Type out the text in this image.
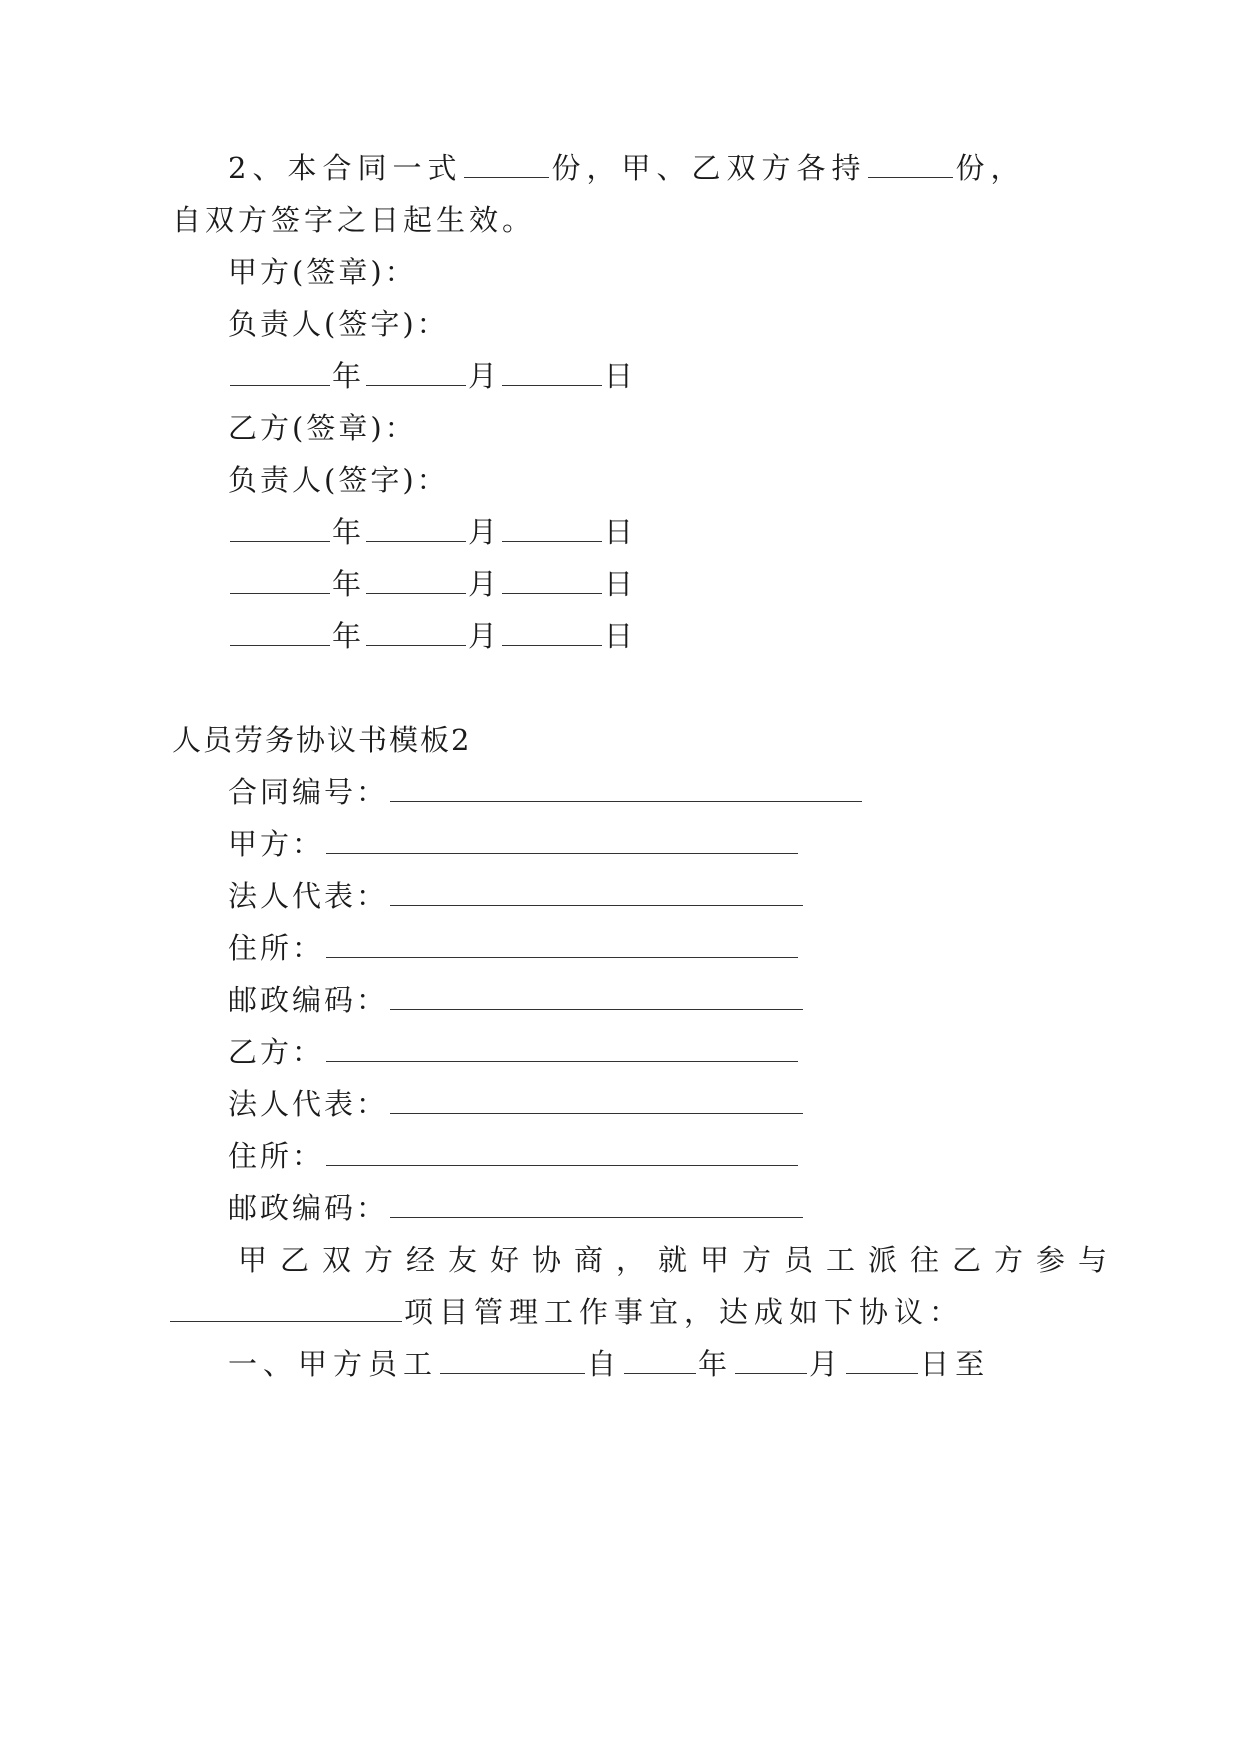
2、本合同一式	份，甲、乙双方各持	份，
自双方签字之日起生效。
甲方(签章)：
负责人(签字)：
年	月	日
乙方(签章)：
负责人(签字)：
年	月	日
年	月	日
年	月	日
人员劳务协议书模板2
合同编号：
甲方：
法人代表：
住所：
邮政编码：
乙方：
法人代表：
住所：
邮政编码：
甲乙双方经友好协商，就甲方员工派往乙方参与
项目管理工作事宜，达成如下协议：
一、甲方员工	自	年	月	日至
